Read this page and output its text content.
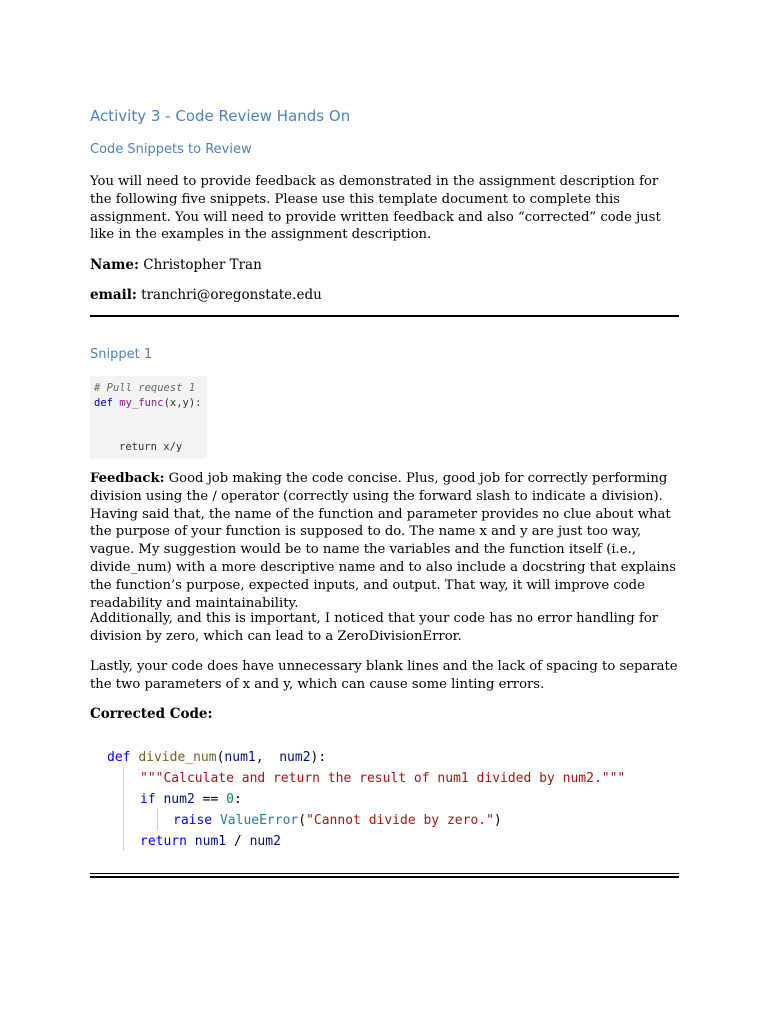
Activity 3 - Code Review Hands On
Code Snippets to Review

You will need to provide feedback as demonstrated in the assignment description for the following five snippets. Please use this template document to complete this assignment. You will need to provide written feedback and also “corrected” code just like in the examples in the assignment description.

Name: Christopher Tran
email: tranchri@oregonstate.edu
Snippet 1
# Pull request 1
def my_func(x,y):
return x/y

Feedback: Good job making the code concise. Plus, good job for correctly performing division using the / operator (correctly using the forward slash to indicate a division). Having said that, the name of the function and parameter provides no clue about what the purpose of your function is supposed to do. The name x and y are just too way, vague. My suggestion would be to name the variables and the function itself (i.e., divide_num) with a more descriptive name and to also include a docstring that explains the function’s purpose, expected inputs, and output. That way, it will improve code readability and maintainability.

Additionally, and this is important, I noticed that your code has no error handling for division by zero, which can lead to a ZeroDivisionError.

Lastly, your code does have unnecessary blank lines and the lack of spacing to separate the two parameters of x and y, which can cause some linting errors.

Corrected Code:
def divide_num(num1,  num2):
"""Calculate and return the result of num1 divided by num2."""
if num2 == 0:
raise ValueError("Cannot divide by zero.")
return num1 / num2
